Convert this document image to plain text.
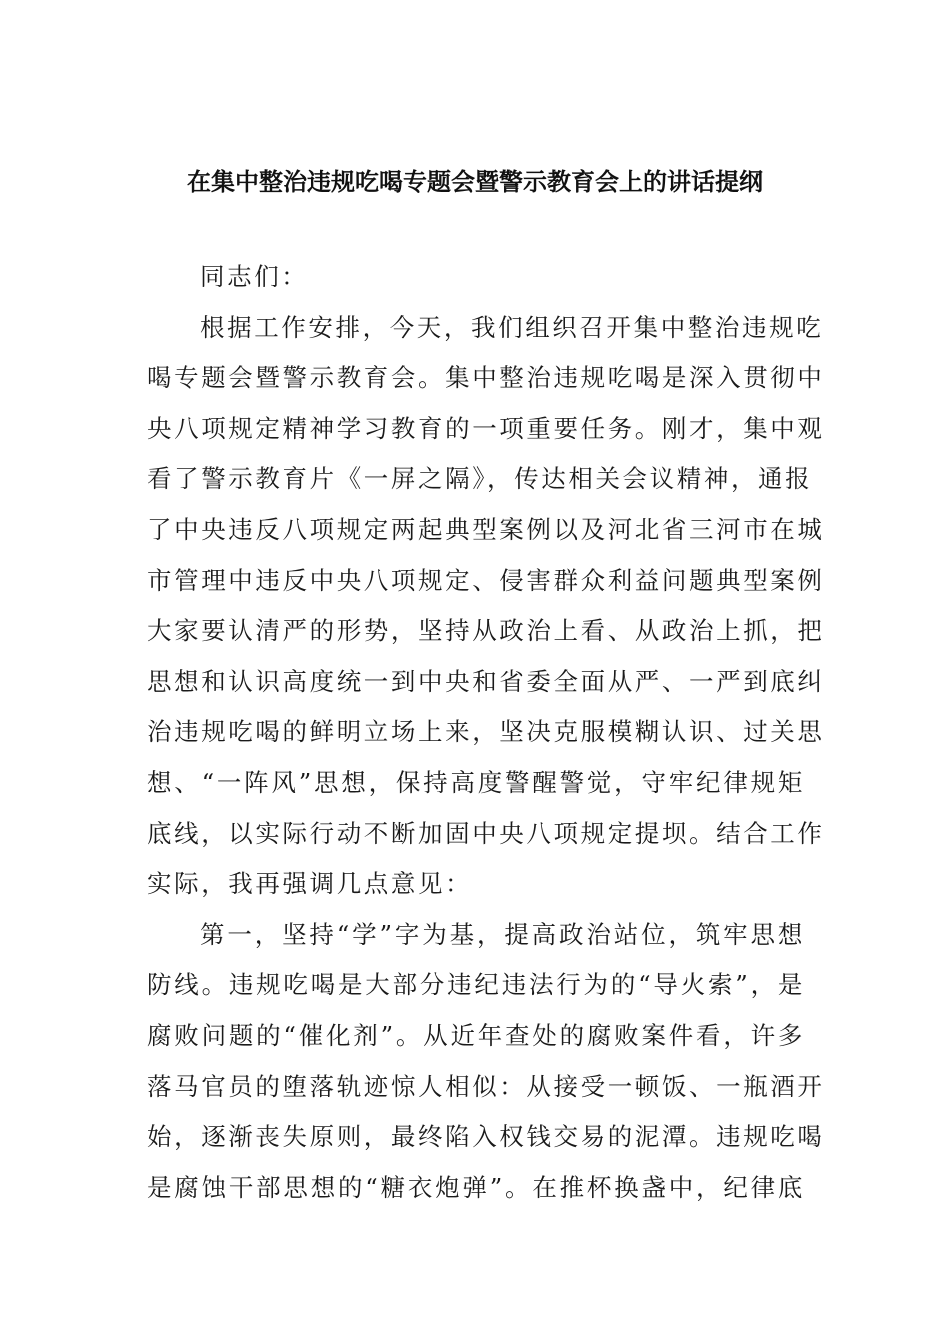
在集中整治违规吃喝专题会暨警示教育会上的讲话提纲

同志们：

根据工作安排，今天，我们组织召开集中整治违规吃
喝专题会暨警示教育会。集中整治违规吃喝是深入贯彻中
央八项规定精神学习教育的一项重要任务。刚才，集中观
看了警示教育片《一屏之隔》，传达相关会议精神，通报
了中央违反八项规定两起典型案例以及河北省三河市在城
市管理中违反中央八项规定、侵害群众利益问题典型案例
大家要认清严的形势，坚持从政治上看、从政治上抓，把
思想和认识高度统一到中央和省委全面从严、一严到底纠
治违规吃喝的鲜明立场上来，坚决克服模糊认识、过关思
想、“一阵风”思想，保持高度警醒警觉，守牢纪律规矩
底线，以实际行动不断加固中央八项规定提坝。结合工作
实际，我再强调几点意见：

第一，坚持“学”字为基，提高政治站位，筑牢思想
防线。违规吃喝是大部分违纪违法行为的“导火索”，是
腐败问题的“催化剂”。从近年查处的腐败案件看，许多
落马官员的堕落轨迹惊人相似：从接受一顿饭、一瓶酒开
始，逐渐丧失原则，最终陷入权钱交易的泥潭。违规吃喝
是腐蚀干部思想的“糖衣炮弹”。在推杯换盏中，纪律底
